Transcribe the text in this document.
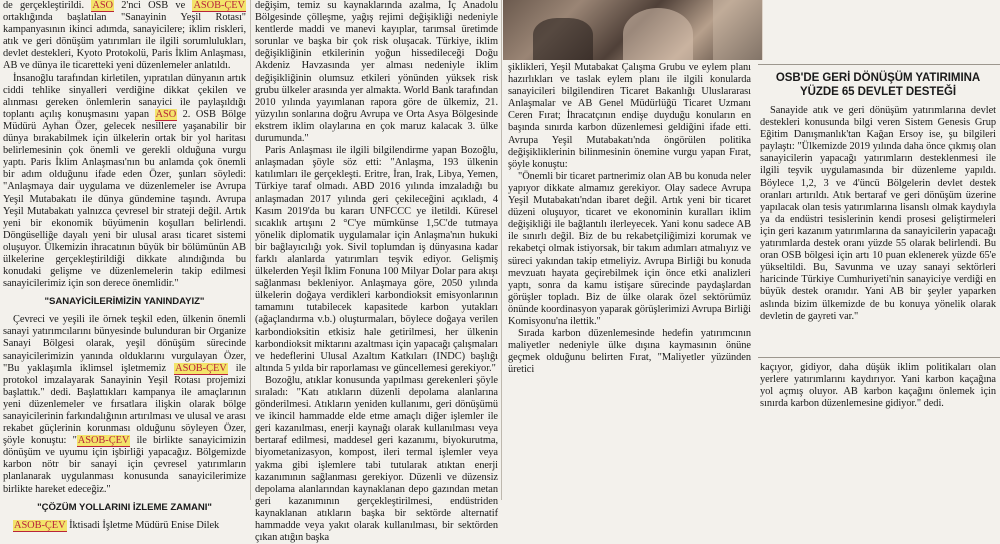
de gerçekleştirildi. ASO 2'nci OSB ve ASOB-ÇEV ortaklığında başlatılan "Sanayinin Yeşil Rotası" kampanyasının ikinci adımda, sanayicilere; iklim riskleri, atık ve geri dönüşüm yatırımları ile ilgili sorumlulukları, devlet destekleri, Kyoto Protokolü, Paris İklim Anlaşması, AB ve dünya ile ticaretteki yeni düzenlemeler anlatıldı.

İnsanoğlu tarafından kirletilen, yıpratılan dünyanın artık ciddi tehlike sinyalleri verdiğine dikkat çekilen ve alınması gereken önlemlerin sanayici ile paylaşıldığı toplantı açılış konuşmasını yapan ASO 2. OSB Bölge Müdürü Ayhan Özer, gelecek nesillere yaşanabilir bir dünya bırakabilmek için ülkelerin ortak bir yol haritası belirlemesinin çok önemli ve gerekli olduğuna vurgu yaptı. Paris İklim Anlaşması'nın bu anlamda çok önemli bir adım olduğunu ifade eden Özer, şunları söyledi: "Anlaşmaya dair uygulama ve düzenlemeler ise Avrupa Yeşil Mutabakatı ile dünya gündemine taşındı. Avrupa Yeşil Mutabakatı yalnızca çevresel bir strateji değil. Artık yeni bir ekonomik büyümenin koşulları belirlendi. Döngüselliğe dayalı yeni bir ulusal arası ticaret sistemi oluşuyor. Ülkemizin ihracatının büyük bir bölümünün AB ülkelerine gerçekleştirildiği dikkate alındığında bu konudaki gelişme ve düzenlemelerin takip edilmesi sanayicilerimiz için son derece önemlidir."

"SANAYİCİLERİMİZİN YANINDAYIZ"

Çevreci ve yeşili ile örnek teşkil eden, ülkenin önemli sanayi yatırımcılarını bünyesinde bulunduran bir Organize Sanayi Bölgesi olarak, yeşil dönüşüm sürecinde sanayicilerimizin yanında olduklarını vurgulayan Özer, "Bu yaklaşımla iklimsel işletmemiz ASOB-ÇEV ile protokol imzalayarak Sanayinin Yeşil Rotası projemizi başlattık." dedi. Başlattıkları kampanya ile amaçlarının yeni düzenlemeler ve fırsatlara ilişkin olarak bölge sanayicilerinin farkındalığının artırılması ve ulusal ve arası rekabet güçlerinin korunması olduğunu söyleyen Özer, şöyle konuştu: "ASOB-ÇEV ile birlikte sanayicimizin dönüşüm ve uyumu için işbirliği yapacağız. Bölgemizde karbon nötr bir sanayi için çevresel yatırımların planlanarak uygulanması konusunda sanayicilerimize birlikte hareket edeceğiz."

"ÇÖZÜM YOLLARINI İZLEME ZAMANI"

ASOB-ÇEV İktisadi İşletme Müdürü Enise Dilek

değişim, temiz su kaynaklarında azalma, İç Anadolu Bölgesinde çölleşme, yağış rejimi değişikliği nedeniyle kentlerde maddi ve manevi kayıplar, tarımsal üretimde sorunlar ve başka bir çok risk oluşacak. Türkiye, iklim değişikliğinin etkilerinin yoğun hissedileceği Doğu Akdeniz Havzasında yer alması nedeniyle iklim değişikliğinin olumsuz etkileri yönünden yüksek risk grubu ülkeler arasında yer almakta. World Bank tarafından 2010 yılında yayımlanan rapora göre de ülkemiz, 21. yüzyılın sonlarına doğru Avrupa ve Orta Asya Bölgesinde ekstrem iklim olaylarına en çok maruz kalacak 3. ülke durumunda."

Paris Anlaşması ile ilgili bilgilendirme yapan Bozoğlu, anlaşmadan şöyle söz etti: "Anlaşma, 193 ülkenin katılımları ile gerçekleşti. Eritre, İran, Irak, Libya, Yemen, Türkiye taraf olmadı. ABD 2016 yılında imzaladığı bu anlaşmadan 2017 yılında geri çekileceğini açıkladı, 4 Kasım 2019'da bu kararı UNFCCC ye iletildi. Küresel sıcaklık artışını 2 °C'ye mümkünse 1,5C'de tutmaya yönelik diplomatik uygulamalar için Anlaşma'nın hukuki bir bağlayıcılığı yok. Sivil toplumdan iş dünyasına kadar farklı alanlarda yatırımları teşvik ediyor. Gelişmiş ülkelerden Yeşil İklim Fonuna 100 Milyar Dolar para akışı sağlanması bekleniyor. Anlaşmaya göre, 2050 yılında ülkelerin doğaya verdikleri karbondioksit emisyonlarının tamamını tutabilecek kapasitede karbon yutakları (ağaçlandırma v.b.) oluşturmaları, böylece doğaya verilen karbondioksitin etkisiz hale getirilmesi, her ülkenin karbondioksit miktarını azaltması için yapacağı çalışmaları ve hedeflerini Ulusal Azaltım Katkıları (INDC) başlığı altında 5 yılda bir raporlaması ve güncellemesi gerekiyor."

Bozoğlu, atıklar konusunda yapılması gerekenleri şöyle sıraladı: "Katı atıkların düzenli depolama alanlarına gönderilmesi. Atıkların yeniden kullanımı, geri dönüşümü ve ikincil hammadde elde etme amaçlı diğer işlemler ile geri kazanılması, enerji kaynağı olarak kullanılması veya bertaraf edilmesi, maddesel geri kazanımı, biyokurutma, biyometanizasyon, kompost, ileri termal işlemler veya yakma gibi işlemlere tabi tutularak atıktan enerji kazanımının sağlanması gerekiyor. Düzenli ve düzensiz depolama alanlarından kaynaklanan depo gazından metan geri kazanımının gerçekleştirilmesi, endüstriden kaynaklanan atıkların başka bir sektörde alternatif hammadde veya yakıt olarak kullanılması, bir sektörden çıkan atığın başka

şiklikleri, Yeşil Mutabakat Çalışma Grubu ve eylem planı hazırlıkları ve taslak eylem planı ile ilgili konularda sanayicileri bilgilendiren Ticaret Bakanlığı Uluslararası Anlaşmalar ve AB Genel Müdürlüğü Ticaret Uzmanı Ceren Fırat; İhracatçının endişe duyduğu konuların en başında sınırda karbon düzenlemesi geldiğini ifade etti. Avrupa Yeşil Mutabakatı'nda öngörülen politika değişikliklerinin bilinmesinin önemine vurgu yapan Fırat, şöyle konuştu:

"Önemli bir ticaret partnerimiz olan AB bu konuda neler yapıyor dikkate almamız gerekiyor. Olay sadece Avrupa Yeşil Mutabakatı'ndan ibaret değil. Artık yeni bir ticaret düzeni oluşuyor, ticaret ve ekonominin kuralları iklim değişikliği ile bağlantılı ilerleyecek. Yani konu sadece AB ile sınırlı değil. Biz de bu rekabetçiliğimizi korumak ve rekabetçi olmak istiyorsak, bir takım adımları atmalıyız ve süreci yakından takip etmeliyiz. Avrupa Birliği bu konuda mevzuatı hayata geçirebilmek için önce etki analizleri yaptı, sonra da kamu istişare sürecinde paydaşlardan görüşler topladı. Biz de ülke olarak özel sektörümüz önünde koordinasyon yaparak görüşlerimizi Avrupa Birliği Komisyonu'na ilettik."

Sırada karbon düzenlemesinde hedefin yatırımcının maliyetler nedeniyle ülke dışına kaymasının önüne geçmek olduğunu belirten Fırat, "Maliyetler yüzünden üretici

OSB'DE GERİ DÖNÜŞÜM YATIRIMINA YÜZDE 65 DEVLET DESTEĞİ

Sanayide atık ve geri dönüşüm yatırımlarına devlet destekleri konusunda bilgi veren Sistem Genesis Grup Eğitim Danışmanlık'tan Kağan Ersoy ise, şu bilgileri paylaştı: "Ülkemizde 2019 yılında daha önce çıkmış olan sanayicilerin yapacağı yatırımların desteklenmesi ile ilgili teşvik uygulamasında bir düzenleme yapıldı. Böylece 1,2, 3 ve 4'üncü Bölgelerin devlet destek oranları artırıldı. Atık bertaraf ve geri dönüşüm üzerine yapılacak olan tesis yatırımlarına lisanslı olmak kaydıyla ya da endüstri tesislerinin kendi prosesi geliştirmeleri için geri kazanım yatırımlarına da sanayicilerin yapacağı yatırımlarda destek oranı yüzde 55 olarak belirlendi. Bu oran OSB bölgesi için artı 10 puan eklenerek yüzde 65'e yükseltildi. Bu, Savunma ve uzay sanayi sektörleri haricinde Türkiye Cumhuriyeti'nin sanayiciye verdiği en büyük destek oranıdır. Yani AB bir şeyler yaparken aslında bizim ülkemizde de bu konuya yönelik olarak devletin de gayreti var."

kaçıyor, gidiyor, daha düşük iklim politikaları olan yerlere yatırımlarını kaydırıyor. Yani karbon kaçağına yol açmış oluyor. AB karbon kaçağını önlemek için sınırda karbon düzenlemesine gidiyor." dedi.
